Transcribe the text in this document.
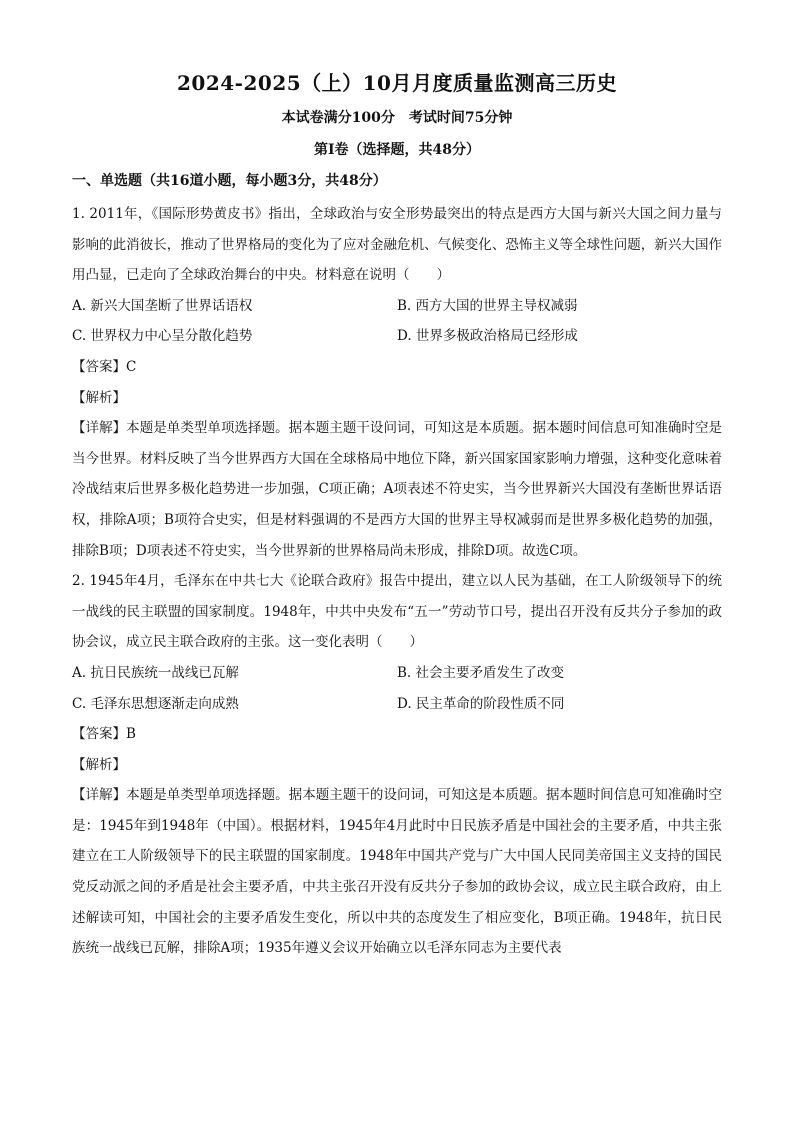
2024-2025（上）10月月度质量监测高三历史
本试卷满分100分　考试时间75分钟
第Ⅰ卷（选择题，共48分）
一、单选题（共16道小题，每小题3分，共48分）

1. 2011年，《国际形势黄皮书》指出，全球政治与安全形势最突出的特点是西方大国与新兴大国之间力量与影响的此消彼长，推动了世界格局的变化为了应对金融危机、气候变化、恐怖主义等全球性问题，新兴大国作用凸显，已走向了全球政治舞台的中央。材料意在说明（　　）

A. 新兴大国垄断了世界话语权	B. 西方大国的世界主导权减弱
C. 世界权力中心呈分散化趋势	D. 世界多极政治格局已经形成

【答案】C

【解析】

【详解】本题是单类型单项选择题。据本题主题干设问词，可知这是本质题。据本题时间信息可知准确时空是当今世界。材料反映了当今世界西方大国在全球格局中地位下降，新兴国家国家影响力增强，这种变化意味着冷战结束后世界多极化趋势进一步加强，C项正确；A项表述不符史实，当今世界新兴大国没有垄断世界话语权，排除A项；B项符合史实，但是材料强调的不是西方大国的世界主导权减弱而是世界多极化趋势的加强，排除B项；D项表述不符史实，当今世界新的世界格局尚未形成，排除D项。故选C项。

2. 1945年4月，毛泽东在中共七大《论联合政府》报告中提出，建立以人民为基础，在工人阶级领导下的统一战线的民主联盟的国家制度。1948年，中共中央发布“五一”劳动节口号，提出召开没有反共分子参加的政协会议，成立民主联合政府的主张。这一变化表明（　　）

A. 抗日民族统一战线已瓦解	B. 社会主要矛盾发生了改变
C. 毛泽东思想逐渐走向成熟	D. 民主革命的阶段性质不同

【答案】B

【解析】

【详解】本题是单类型单项选择题。据本题主题干的设问词，可知这是本质题。据本题时间信息可知准确时空是：1945年到1948年（中国）。根据材料，1945年4月此时中日民族矛盾是中国社会的主要矛盾，中共主张建立在工人阶级领导下的民主联盟的国家制度。1948年中国共产党与广大中国人民同美帝国主义支持的国民党反动派之间的矛盾是社会主要矛盾，中共主张召开没有反共分子参加的政协会议，成立民主联合政府，由上述解读可知，中国社会的主要矛盾发生变化，所以中共的态度发生了相应变化，B项正确。1948年，抗日民族统一战线已瓦解，排除A项；1935年遵义会议开始确立以毛泽东同志为主要代表
